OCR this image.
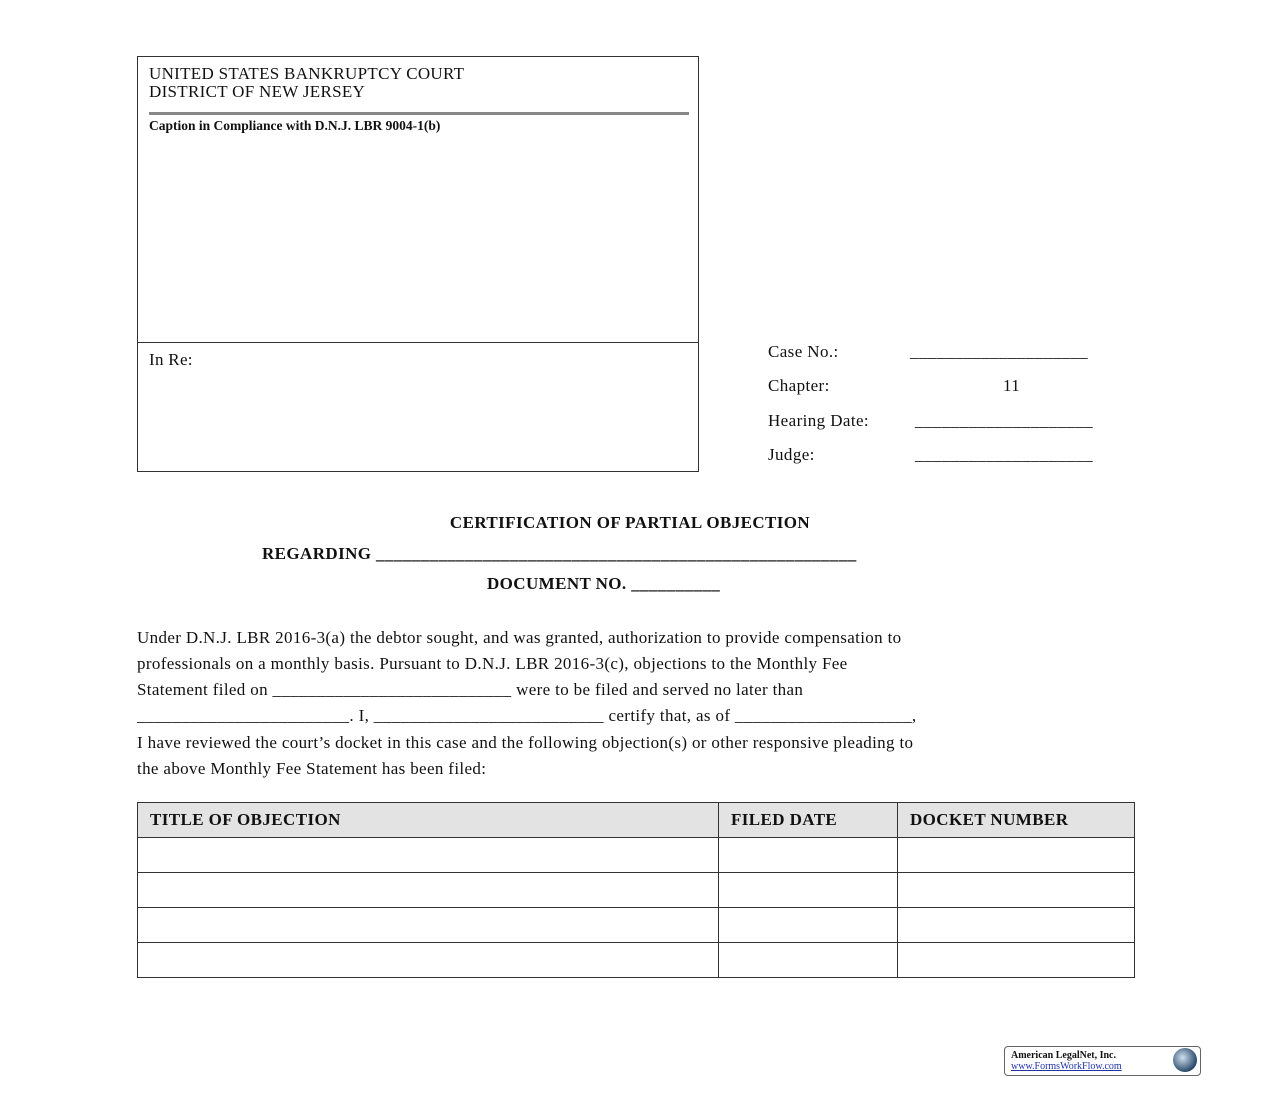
UNITED STATES BANKRUPTCY COURT
DISTRICT OF NEW JERSEY
Caption in Compliance with D.N.J. LBR 9004-1(b)
In Re:	Case No.:	____________________
Chapter:	11
Hearing Date:	____________________
Judge:	____________________
CERTIFICATION OF PARTIAL OBJECTION
REGARDING ______________________________________________________
DOCUMENT NO. __________
Under D.N.J. LBR 2016-3(a) the debtor sought, and was granted, authorization to provide compensation to
professionals on a monthly basis. Pursuant to D.N.J. LBR 2016-3(c), objections to the Monthly Fee
Statement filed on ___________________________ were to be filed and served no later than
________________________. I, __________________________ certify that, as of ____________________,
I have reviewed the court’s docket in this case and the following objection(s) or other responsive pleading to
the above Monthly Fee Statement has been filed:
TITLE OF OBJECTION	FILED DATE	DOCKET NUMBER

American LegalNet, Inc.
www.FormsWorkFlow.com
